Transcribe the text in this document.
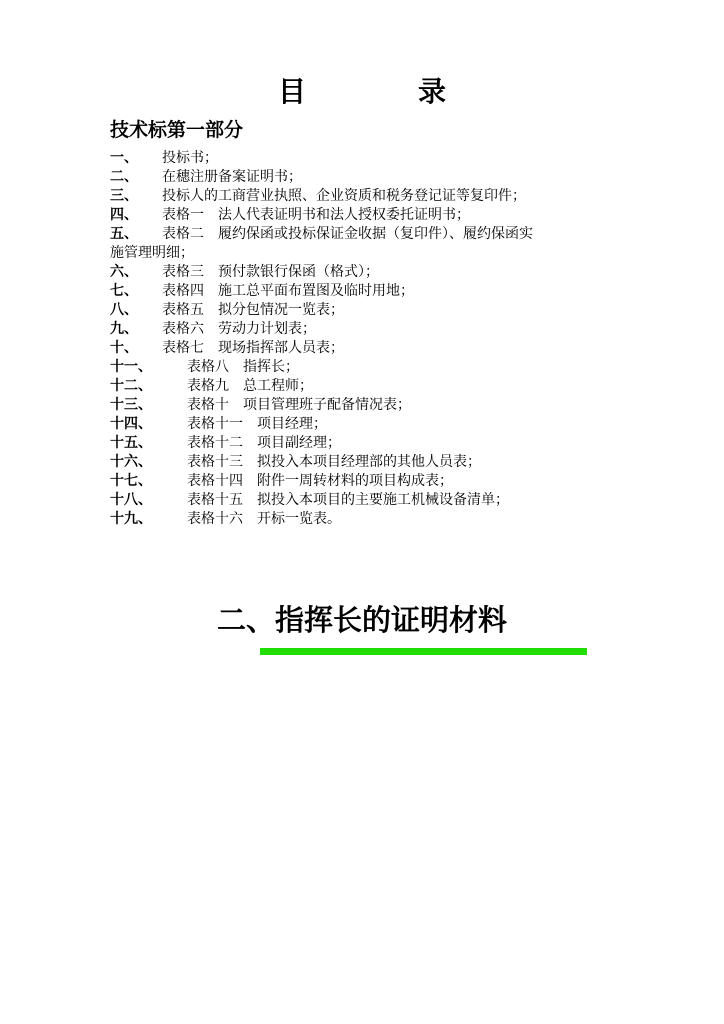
目　　　　录
技术标第一部分
一、 投标书；
二、 在穗注册备案证明书；
三、 投标人的工商营业执照、企业资质和税务登记证等复印件；
四、 表格一　法人代表证明书和法人授权委托证明书；
五、 表格二　履约保函或投标保证金收据（复印件）、履约保函实
施管理明细；
六、 表格三　预付款银行保函（格式）；
七、 表格四　施工总平面布置图及临时用地；
八、 表格五　拟分包情况一览表；
九、 表格六　劳动力计划表；
十、 表格七　现场指挥部人员表；
十一、	表格八　指挥长；
十二、	表格九　总工程师；
十三、	表格十　项目管理班子配备情况表；
十四、	表格十一　项目经理；
十五、	表格十二　项目副经理；
十六、	表格十三　拟投入本项目经理部的其他人员表；
十七、	表格十四　附件一周转材料的项目构成表；
十八、	表格十五　拟投入本项目的主要施工机械设备清单；
十九、	表格十六　开标一览表。
二、指挥长的证明材料
